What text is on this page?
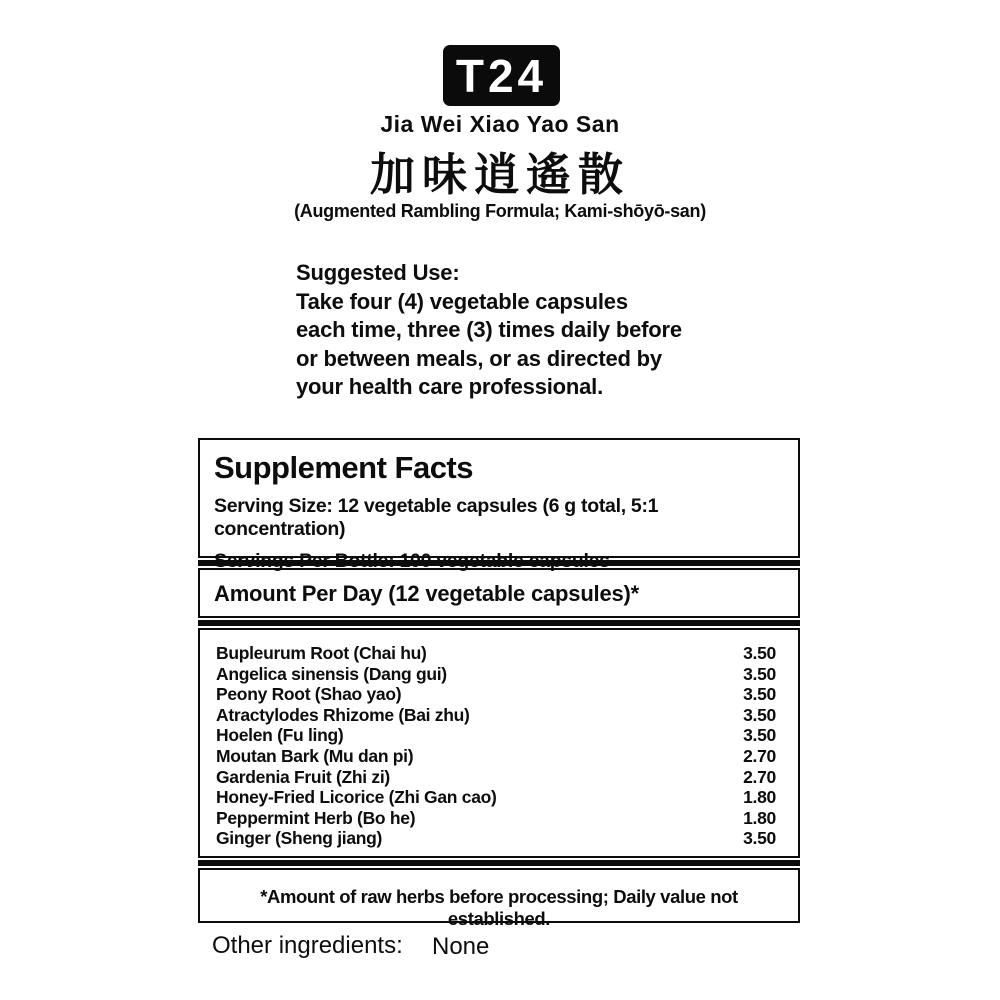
T24
Jia Wei Xiao Yao San
加味逍遙散
(Augmented Rambling Formula; Kami-shōyō-san)
Suggested Use:
Take four (4) vegetable capsules
each time, three (3) times daily before
or between meals, or as directed by
your health care professional.
Supplement Facts
Serving Size: 12 vegetable capsules (6 g total, 5:1 concentration)
Servings Per Bottle: 100 vegetable capsules
Amount Per Day (12 vegetable capsules)*
Bupleurum Root (Chai hu)	3.50
Angelica sinensis (Dang gui)	3.50
Peony Root (Shao yao)	3.50
Atractylodes Rhizome (Bai zhu)	3.50
Hoelen (Fu ling)	3.50
Moutan Bark (Mu dan pi)	2.70
Gardenia Fruit (Zhi zi)	2.70
Honey-Fried Licorice (Zhi Gan cao)	1.80
Peppermint Herb (Bo he)	1.80
Ginger (Sheng jiang)	3.50
*Amount of raw herbs before processing; Daily value not established.
Other ingredients: None
